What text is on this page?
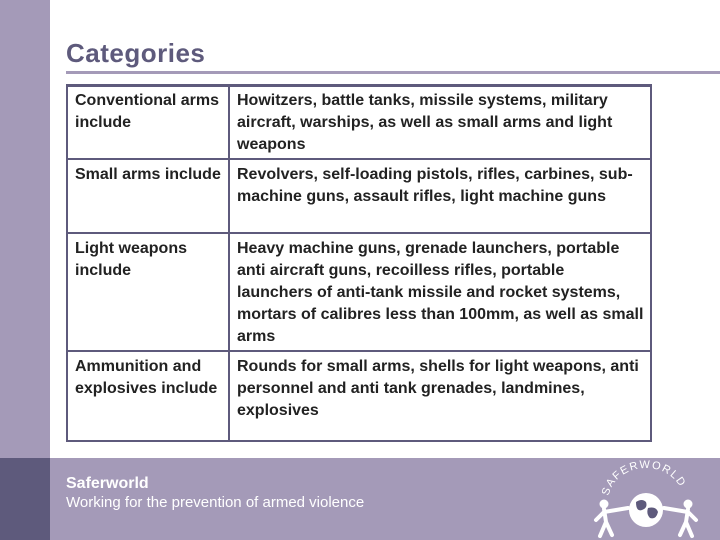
Categories
Conventional arms include	Howitzers, battle tanks, missile systems, military aircraft, warships, as well as small arms and light weapons
Small arms include	Revolvers, self-loading pistols, rifles, carbines, sub-machine guns, assault rifles, light machine guns
Light weapons include	Heavy machine guns, grenade launchers, portable anti aircraft guns, recoilless rifles, portable launchers of anti-tank missile and rocket systems, mortars of calibres less than 100mm, as well as small arms
Ammunition and explosives include	Rounds for small arms, shells for light weapons, anti personnel and anti tank grenades, landmines, explosives
Saferworld
Working for the prevention of armed violence
SAFERWORLD
